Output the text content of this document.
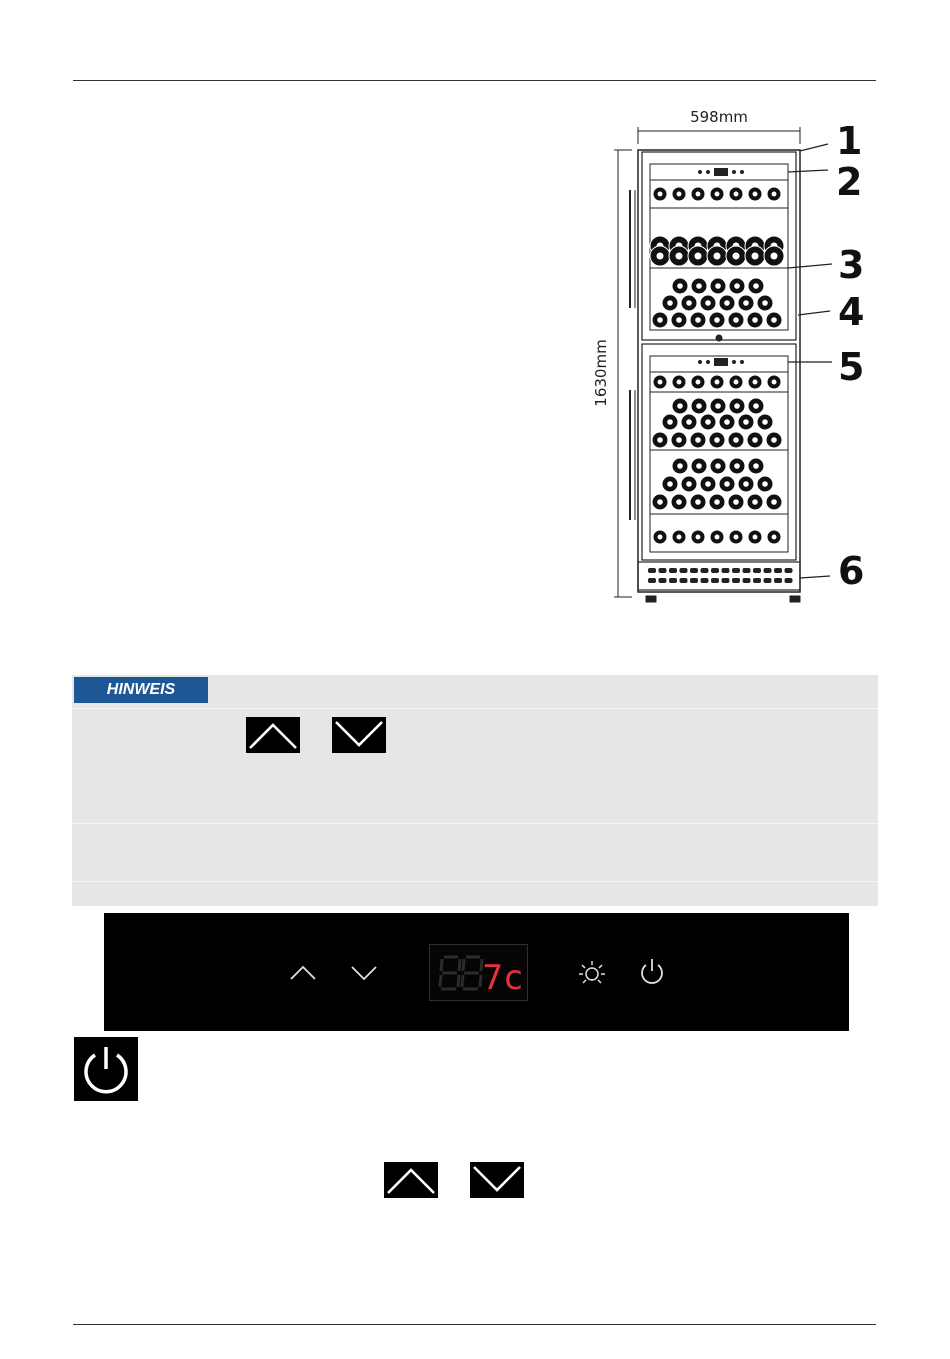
598mm
1630mm
1
2
3
4
5
6
HINWEIS
7c
